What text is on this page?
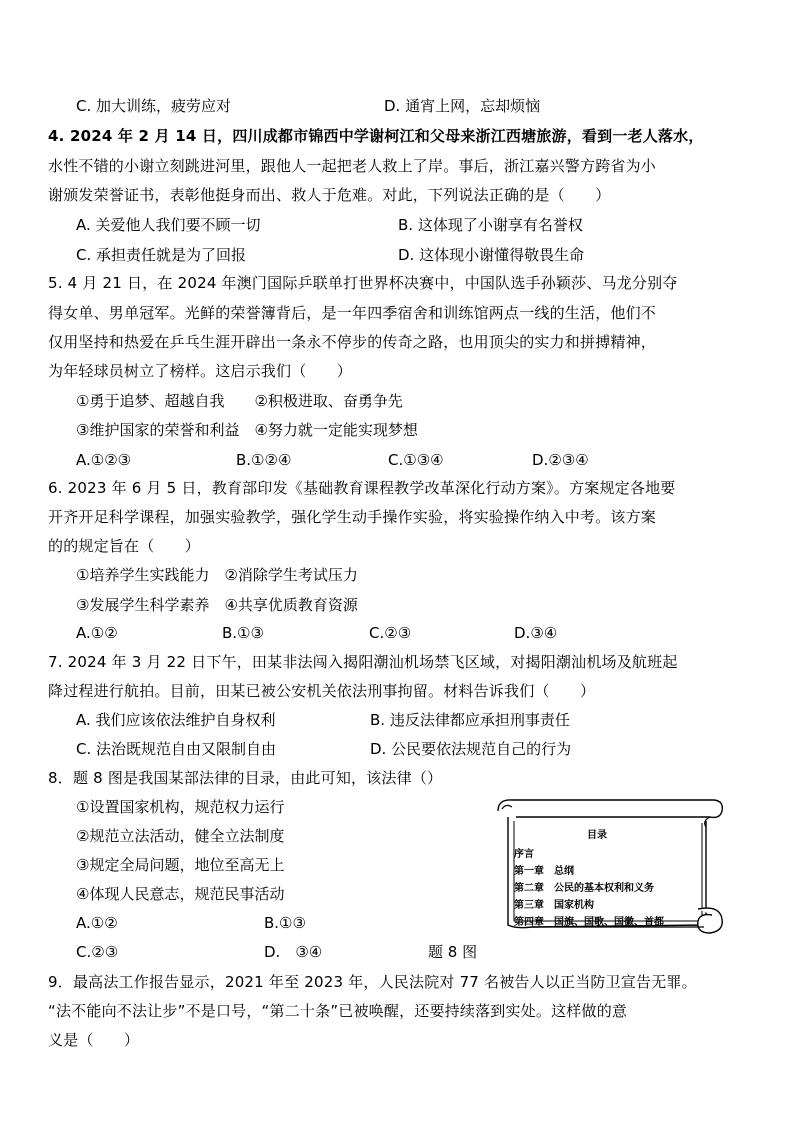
C. 加大训练，疲劳应对	D. 通宵上网，忘却烦恼
4. 2024 年 2 月 14 日，四川成都市锦西中学谢柯江和父母来浙江西塘旅游，看到一老人落水，
水性不错的小谢立刻跳进河里，跟他人一起把老人救上了岸。事后，浙江嘉兴警方跨省为小
谢颁发荣誉证书，表彰他挺身而出、救人于危难。对此，下列说法正确的是（　　）
A. 关爱他人我们要不顾一切	B. 这体现了小谢享有名誉权
C. 承担责任就是为了回报	D. 这体现小谢懂得敬畏生命
5. 4 月 21 日，在 2024 年澳门国际乒联单打世界杯决赛中，中国队选手孙颖莎、马龙分别夺
得女单、男单冠军。光鲜的荣誉簿背后，是一年四季宿舍和训练馆两点一线的生活，他们不
仅用坚持和热爱在乒乓生涯开辟出一条永不停步的传奇之路，也用顶尖的实力和拼搏精神，
为年轻球员树立了榜样。这启示我们（　　）
①勇于追梦、超越自我　　②积极进取、奋勇争先
③维护国家的荣誉和利益　④努力就一定能实现梦想
A.①②③	B.①②④	C.①③④	D.②③④
6. 2023 年 6 月 5 日，教育部印发《基础教育课程教学改革深化行动方案》。方案规定各地要
开齐开足科学课程，加强实验教学，强化学生动手操作实验，将实验操作纳入中考。该方案
的的规定旨在（　　）
①培养学生实践能力　②消除学生考试压力
③发展学生科学素养　④共享优质教育资源
A.①②	B.①③	C.②③	D.③④
7. 2024 年 3 月 22 日下午，田某非法闯入揭阳潮汕机场禁飞区域，对揭阳潮汕机场及航班起
降过程进行航拍。目前，田某已被公安机关依法刑事拘留。材料告诉我们（　　）
A. 我们应该依法维护自身权利	B. 违反法律都应承担刑事责任
C. 法治既规范自由又限制自由	D. 公民要依法规范自己的行为
8．题 8 图是我国某部法律的目录，由此可知，该法律（）
①设置国家机构，规范权力运行
②规范立法活动，健全立法制度
③规定全局问题，地位至高无上
④体现人民意志，规范民事活动
A.①②	B.①③
C.②③	D.　③④	题 8 图
目录
序言
第一章　总纲
第二章　公民的基本权利和义务
第三章　国家机构
第四章　国旗、国歌、国徽、首都
9．最高法工作报告显示，2021 年至 2023 年，人民法院对 77 名被告人以正当防卫宣告无罪。
“法不能向不法让步”不是口号，“第二十条”已被唤醒，还要持续落到实处。这样做的意
义是（　　）
